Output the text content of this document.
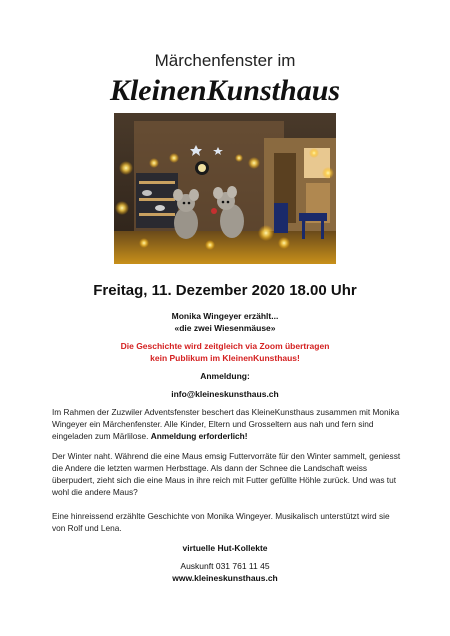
Märchenfenster im
KleinenKunsthaus
Freitag, 11. Dezember 2020 18.00 Uhr
Monika Wingeyer erzählt...
«die zwei Wiesenmäuse»
Die Geschichte wird zeitgleich via Zoom übertragen
kein Publikum im KleinenKunsthaus!
Anmeldung:
info@kleineskunsthaus.ch
Im Rahmen der Zuzwiler Adventsfenster beschert das KleineKunsthaus zusammen mit Monika Wingeyer ein Märchenfenster. Alle Kinder, Eltern und Grosseltern aus nah und fern sind eingeladen zum Märlilose. Anmeldung erforderlich!
Der Winter naht. Während die eine Maus emsig Futtervorräte für den Winter sammelt, geniesst die Andere die letzten warmen Herbsttage. Als dann der Schnee die Landschaft weiss überpudert, zieht sich die eine Maus in ihre reich mit Futter gefüllte Höhle zurück. Und was tut wohl die andere Maus?
Eine hinreissend erzählte Geschichte von Monika Wingeyer. Musikalisch unterstützt wird sie von Rolf und Lena.
virtuelle Hut-Kollekte
Auskunft 031 761 11 45
www.kleineskunsthaus.ch
